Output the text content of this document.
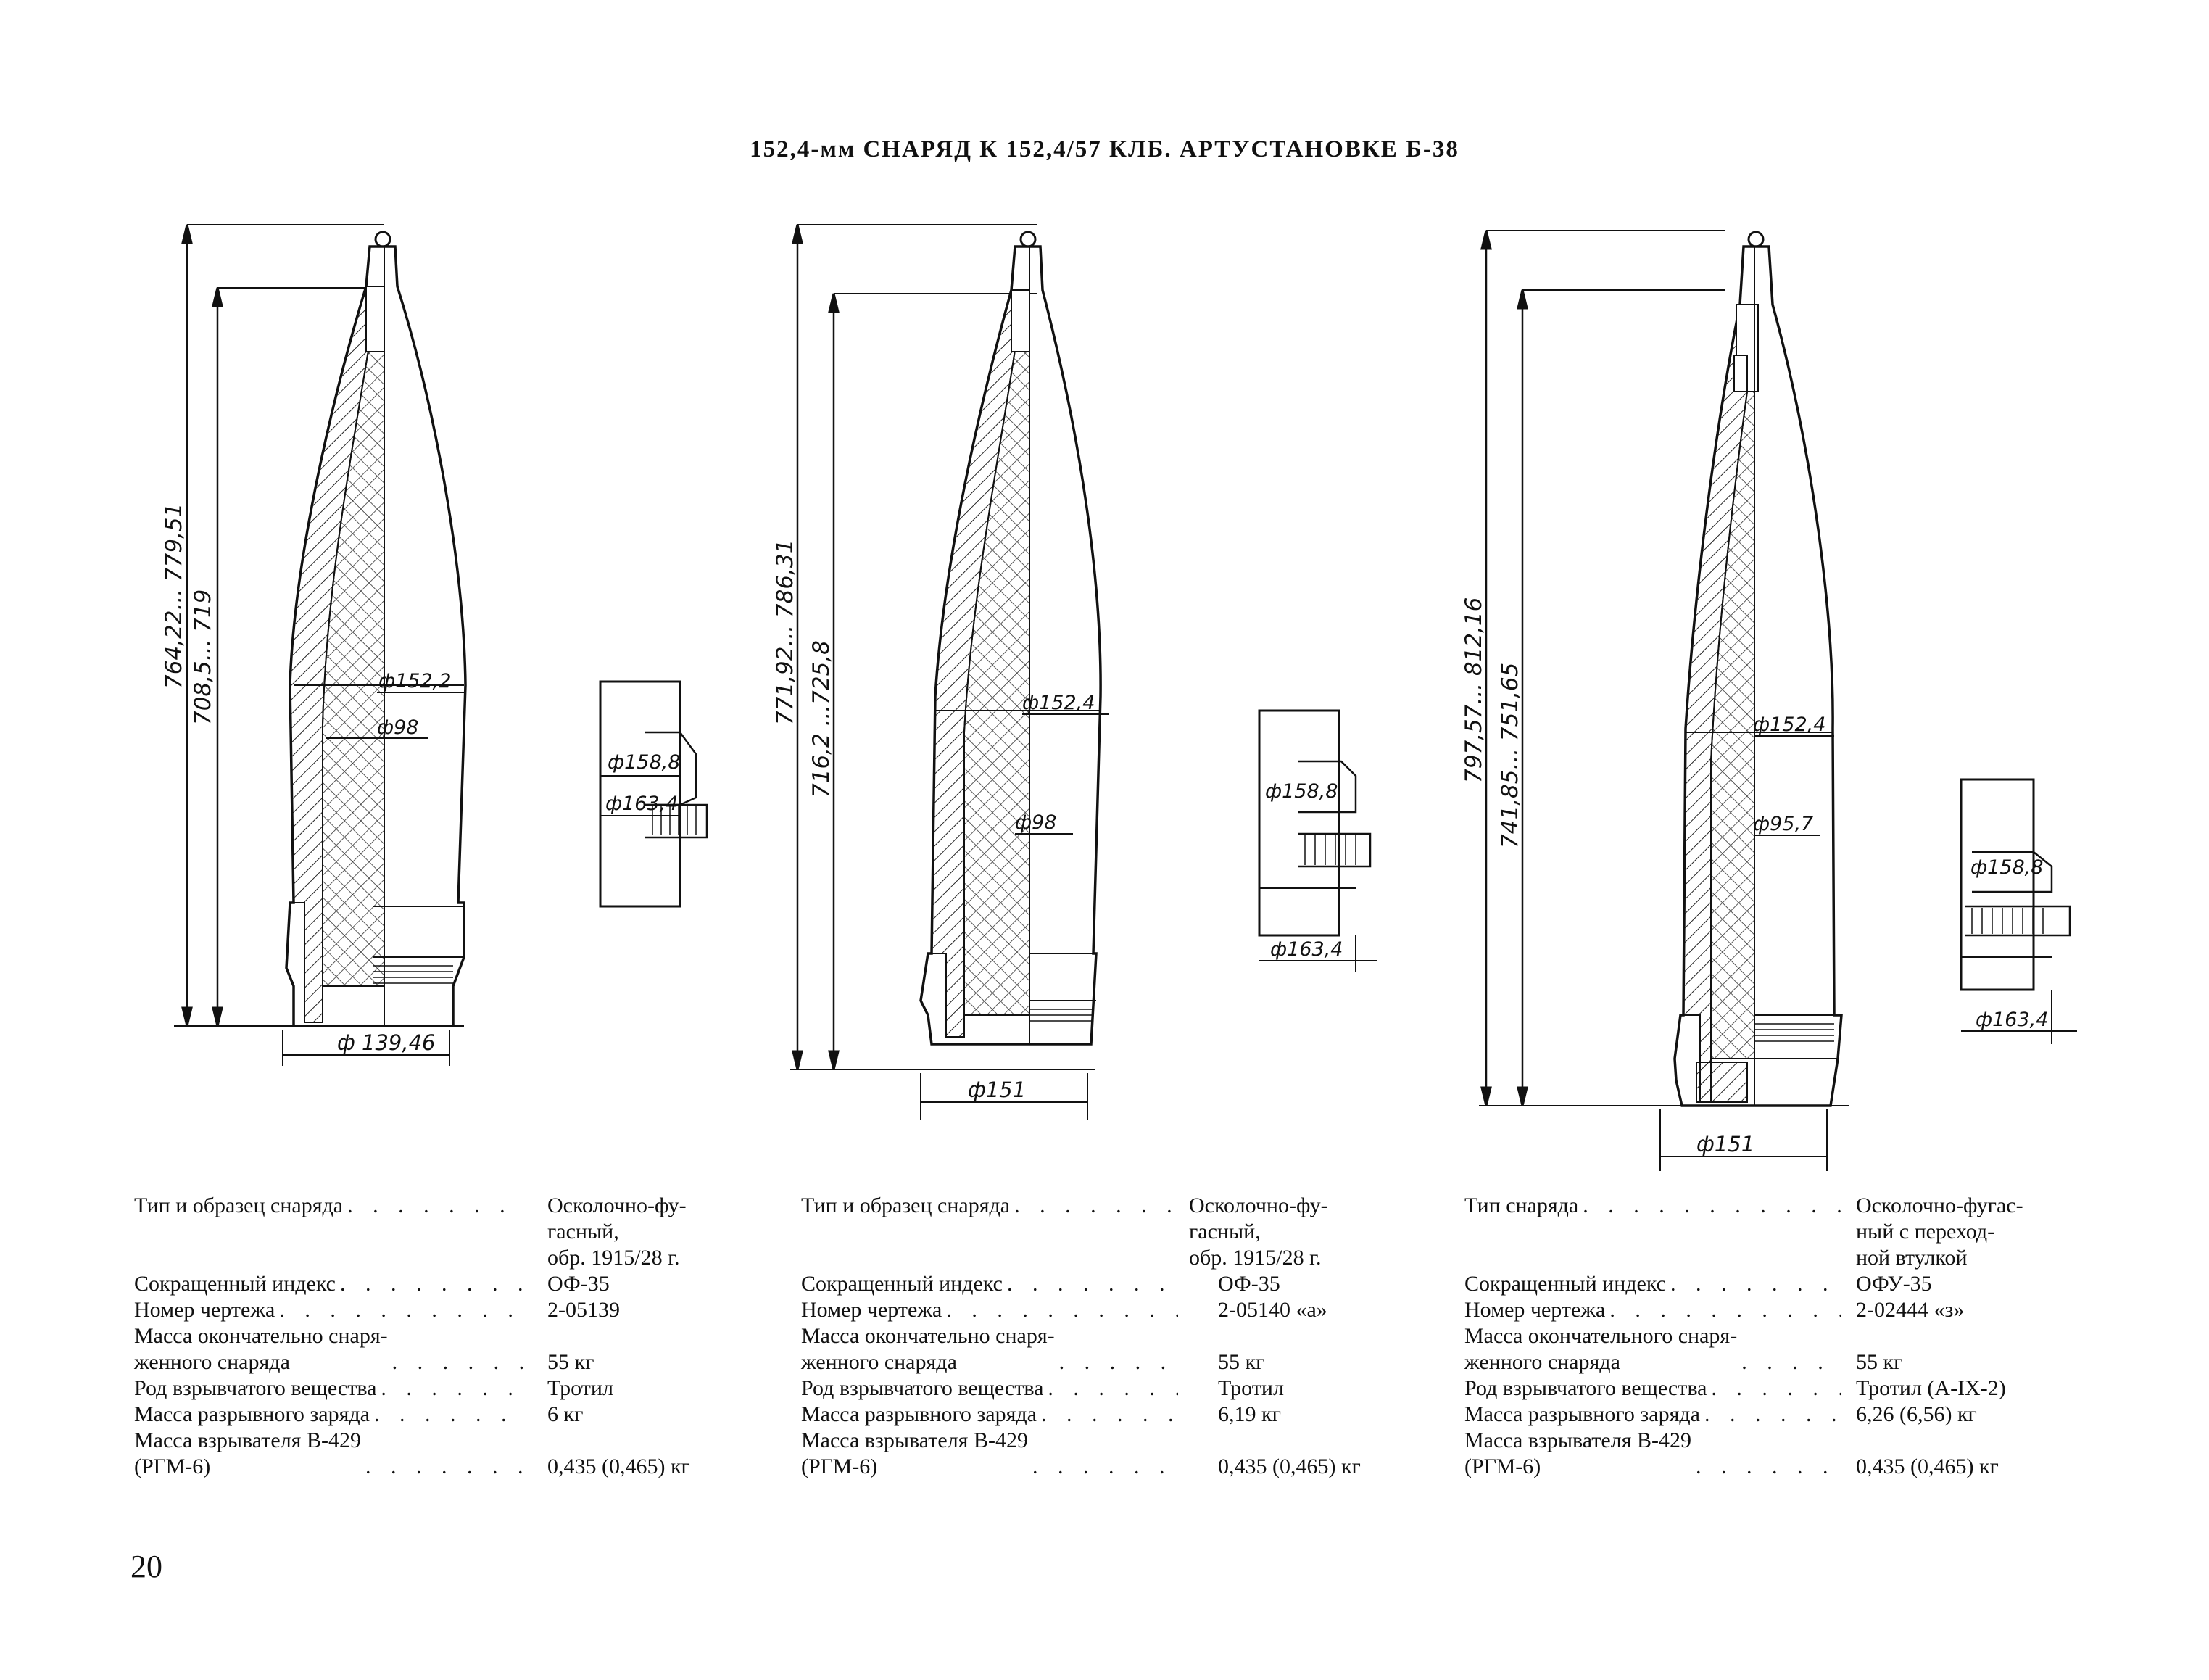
152,4-мм СНАРЯД К 152,4/57 КЛБ. АРТУСТАНОВКЕ Б-38
764,22... 779,51 708,5... 719	ф152,2
ф98
ф 139,46
ф158,8
ф163,4
771,92... 786,31 716,2 ...725,8	ф152,4
ф98
ф151
ф158,8
ф163,4
797,57... 812,16 741,85... 751,65	ф152,4
ф95,7
ф151
ф158,8
ф163,4
Тип и образец снаряда . . .	Осколочно-фу-
гасный,
обр. 1915/28 г.
Сокращенный индекс . . .	ОФ-35
Номер чертежа . . .	2-05139
Масса окончательно снаря-
женного снаряда . . .	55 кг
Род взрывчатого вещества . . .	Тротил
Масса разрывного заряда . . .	6 кг
Масса взрывателя В-429
(РГМ-6) . . .	0,435 (0,465) кг
Тип и образец снаряда . . .	Осколочно-фу-
гасный,
обр. 1915/28 г.
Сокращенный индекс . . .	ОФ-35
Номер чертежа . . .	2-05140 «а»
Масса окончательно снаря-
женного снаряда . . .	55 кг
Род взрывчатого вещества . . .	Тротил
Масса разрывного заряда . . .	6,19 кг
Масса взрывателя В-429
(РГМ-6) . . .	0,435 (0,465) кг
Тип снаряда . . .	Осколочно-фугас-
ный с переход-
ной втулкой
Сокращенный индекс . . .	ОФУ-35
Номер чертежа . . .	2-02444 «з»
Масса окончательного снаря-
женного снаряда . . .	55 кг
Род взрывчатого вещества . . .	Тротил (А-IX-2)
Масса разрывного заряда . . .	6,26 (6,56) кг
Масса взрывателя В-429
(РГМ-6) . . .	0,435 (0,465) кг
20
